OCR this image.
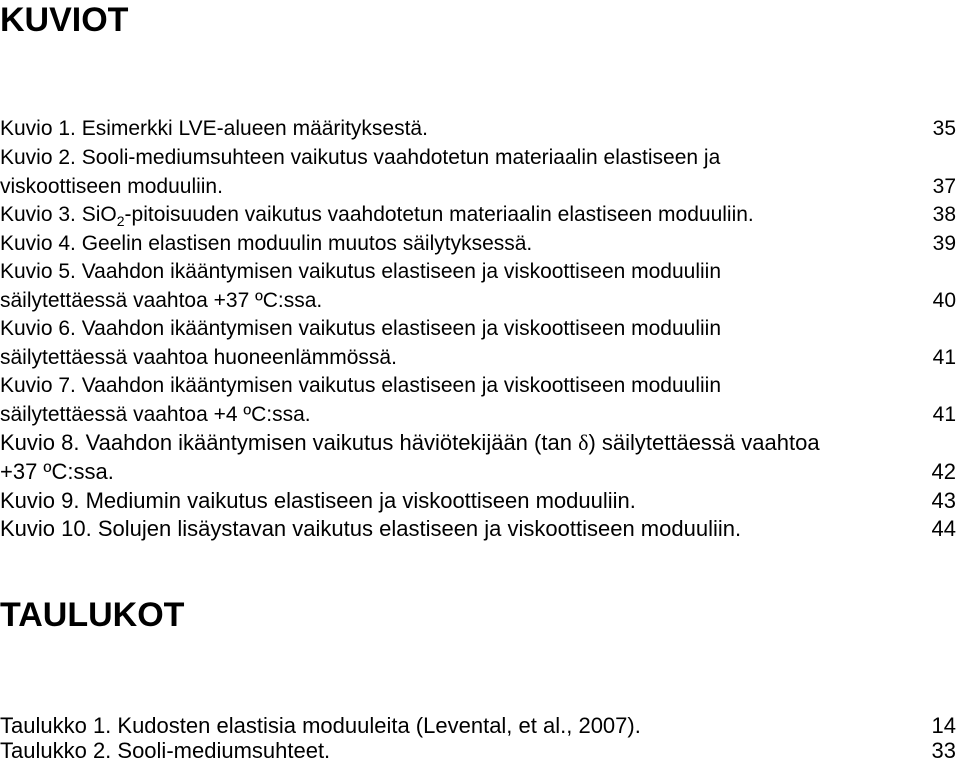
KUVIOT
Kuvio 1. Esimerkki LVE-alueen määrityksestä.	35
Kuvio 2. Sooli-mediumsuhteen vaikutus vaahdotetun materiaalin elastiseen ja
viskoottiseen moduuliin.	37
Kuvio 3. SiO$_2$-pitoisuuden vaikutus vaahdotetun materiaalin elastiseen moduuliin.	38
Kuvio 4. Geelin elastisen moduulin muutos säilytyksessä.	39
Kuvio 5. Vaahdon ikääntymisen vaikutus elastiseen ja viskoottiseen moduuliin
säilytettäessä vaahtoa +37 ºC:ssa.	40
Kuvio 6. Vaahdon ikääntymisen vaikutus elastiseen ja viskoottiseen moduuliin
säilytettäessä vaahtoa huoneenlämmössä.	41
Kuvio 7. Vaahdon ikääntymisen vaikutus elastiseen ja viskoottiseen moduuliin
säilytettäessä vaahtoa +4 ºC:ssa.	41
Kuvio 8. Vaahdon ikääntymisen vaikutus häviötekijään (tan δ) säilytettäessä vaahtoa
+37 ºC:ssa.	42
Kuvio 9. Mediumin vaikutus elastiseen ja viskoottiseen moduuliin.	43
Kuvio 10. Solujen lisäystavan vaikutus elastiseen ja viskoottiseen moduuliin.	44
TAULUKOT
Taulukko 1. Kudosten elastisia moduuleita (Levental, et al., 2007).	14
Taulukko 2. Sooli-mediumsuhteet.	33
